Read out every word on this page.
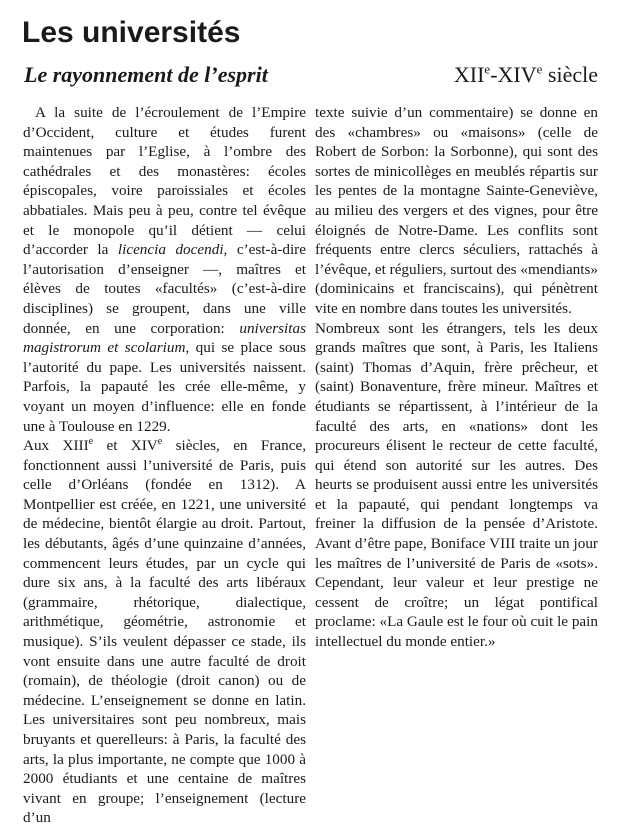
Les universités
Le rayonnement de l’esprit	XIIe-XIVe siècle

A la suite de l’écroulement de l’Empire d’Occident, culture et études furent maintenues par l’Eglise, à l’ombre des cathédrales et des monastères: écoles épiscopales, voire paroissiales et écoles abbatiales. Mais peu à peu, contre tel évêque et le monopole qu’il détient — celui d’accorder la licencia docendi, c’est-à-dire l’autorisation d’enseigner —, maîtres et élèves de toutes «facultés» (c’est-à-dire disciplines) se groupent, dans une ville donnée, en une corporation: universitas magistrorum et scolarium, qui se place sous l’autorité du pape. Les universités naissent. Parfois, la papauté les crée elle-même, y voyant un moyen d’influence: elle en fonde une à Toulouse en 1229.

Aux XIIIe et XIVe siècles, en France, fonctionnent aussi l’université de Paris, puis celle d’Orléans (fondée en 1312). A Montpellier est créée, en 1221, une université de médecine, bientôt élargie au droit. Partout, les débutants, âgés d’une quinzaine d’années, commencent leurs études, par un cycle qui dure six ans, à la faculté des arts libéraux (grammaire, rhétorique, dialectique, arithmétique, géométrie, astronomie et musique). S’ils veulent dépasser ce stade, ils vont ensuite dans une autre faculté de droit (romain), de théologie (droit canon) ou de médecine. L’enseignement se donne en latin. Les universitaires sont peu nombreux, mais bruyants et querelleurs: à Paris, la faculté des arts, la plus importante, ne compte que 1000 à 2000 étudiants et une centaine de maîtres vivant en groupe; l’enseignement (lecture d’un

texte suivie d’un commentaire) se donne en des «chambres» ou «maisons» (celle de Robert de Sorbon: la Sorbonne), qui sont des sortes de minicollèges en meublés répartis sur les pentes de la montagne Sainte-Geneviève, au milieu des vergers et des vignes, pour être éloignés de Notre-Dame. Les conflits sont fréquents entre clercs séculiers, rattachés à l’évêque, et réguliers, surtout des «mendiants» (dominicains et franciscains), qui pénètrent vite en nombre dans toutes les universités.

Nombreux sont les étrangers, tels les deux grands maîtres que sont, à Paris, les Italiens (saint) Thomas d’Aquin, frère prêcheur, et (saint) Bonaventure, frère mineur. Maîtres et étudiants se répartissent, à l’intérieur de la faculté des arts, en «nations» dont les procureurs élisent le recteur de cette faculté, qui étend son autorité sur les autres. Des heurts se produisent aussi entre les universités et la papauté, qui pendant longtemps va freiner la diffusion de la pensée d’Aristote. Avant d’être pape, Boniface VIII traite un jour les maîtres de l’université de Paris de «sots». Cependant, leur valeur et leur prestige ne cessent de croître; un légat pontifical proclame: «La Gaule est le four où cuit le pain intellectuel du monde entier.»
